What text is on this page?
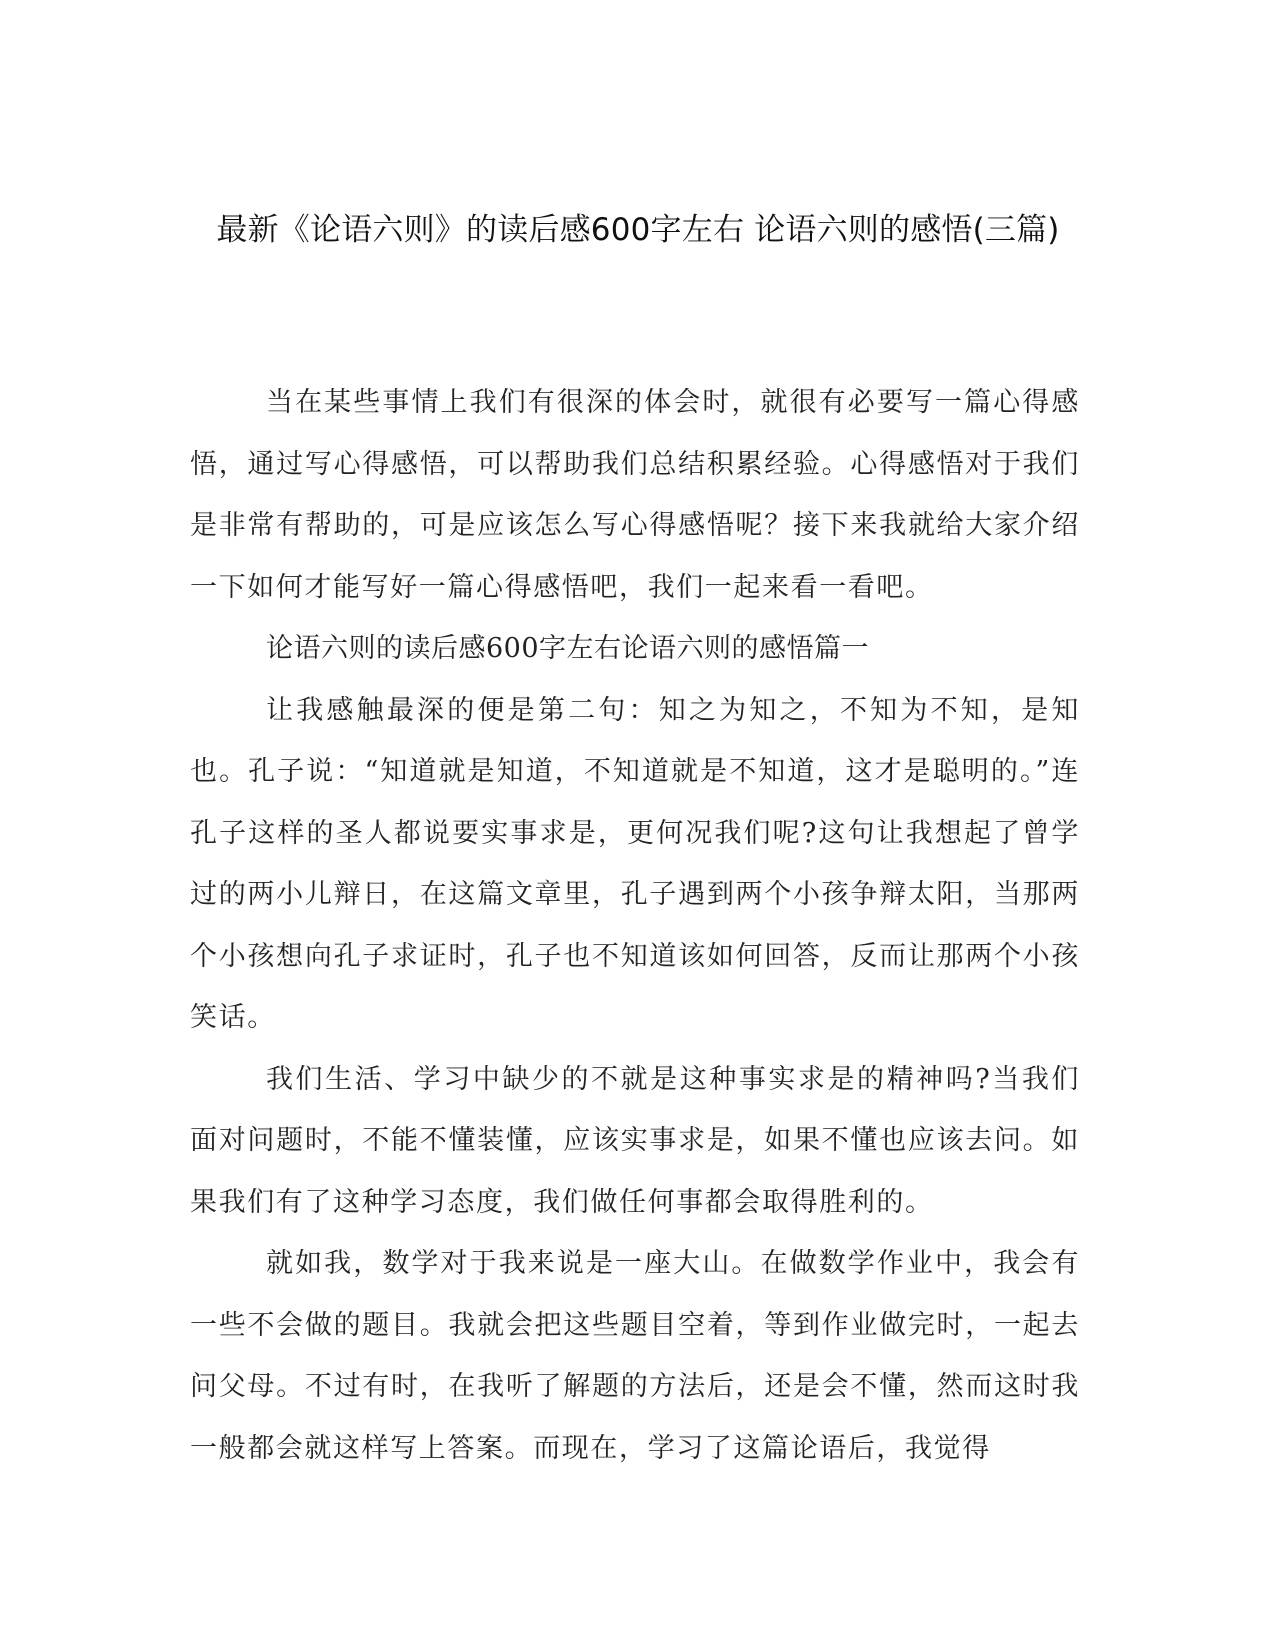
最新《论语六则》的读后感600字左右 论语六则的感悟(三篇)

当在某些事情上我们有很深的体会时，就很有必要写一篇心得感悟，通过写心得感悟，可以帮助我们总结积累经验。心得感悟对于我们是非常有帮助的，可是应该怎么写心得感悟呢？接下来我就给大家介绍一下如何才能写好一篇心得感悟吧，我们一起来看一看吧。

论语六则的读后感600字左右论语六则的感悟篇一

让我感触最深的便是第二句：知之为知之，不知为不知，是知也。孔子说：“知道就是知道，不知道就是不知道，这才是聪明的。”连孔子这样的圣人都说要实事求是，更何况我们呢?这句让我想起了曾学过的两小儿辩日，在这篇文章里，孔子遇到两个小孩争辩太阳，当那两个小孩想向孔子求证时，孔子也不知道该如何回答，反而让那两个小孩笑话。

我们生活、学习中缺少的不就是这种事实求是的精神吗?当我们面对问题时，不能不懂装懂，应该实事求是，如果不懂也应该去问。如果我们有了这种学习态度，我们做任何事都会取得胜利的。

就如我，数学对于我来说是一座大山。在做数学作业中，我会有一些不会做的题目。我就会把这些题目空着，等到作业做完时，一起去问父母。不过有时，在我听了解题的方法后，还是会不懂，然而这时我一般都会就这样写上答案。而现在，学习了这篇论语后，我觉得
